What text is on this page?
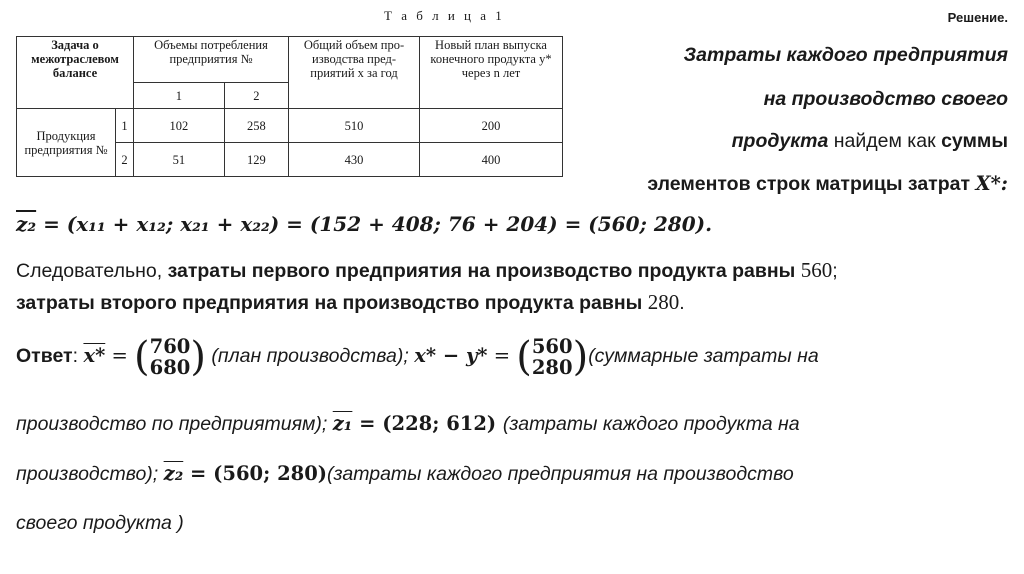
Т а б л и ц а 1	Решение.
Задача о межотраслевом балансе		Объемы потребления предприятия №		Общий объем про- изводства пред- приятий x за год	Новый план выпуска конечного продукта y* через n лет
		1	2		
Продукция предприятия №	1	102	258	510	200
	2	51	129	430	400
Затраты каждого предприятия
на производство своего
продукта найдем как суммы
элементов строк матрицы затрат X*:
z₂ = (x₁₁ + x₁₂; x₂₁ + x₂₂) = (152 + 408; 76 + 204) = (560; 280).
Следовательно, затраты первого предприятия на производство продукта равны 560;
затраты второго предприятия на производство продукта равны 280.
Ответ: x* = ( 760
680 ) (план производства); x* − y* = ( 560
280 )(суммарные затраты на
производство по предприятиям); z₁ = (228; 612) (затраты каждого продукта на
производство); z₂ = (560; 280)(затраты каждого предприятия на производство
своего продукта )
